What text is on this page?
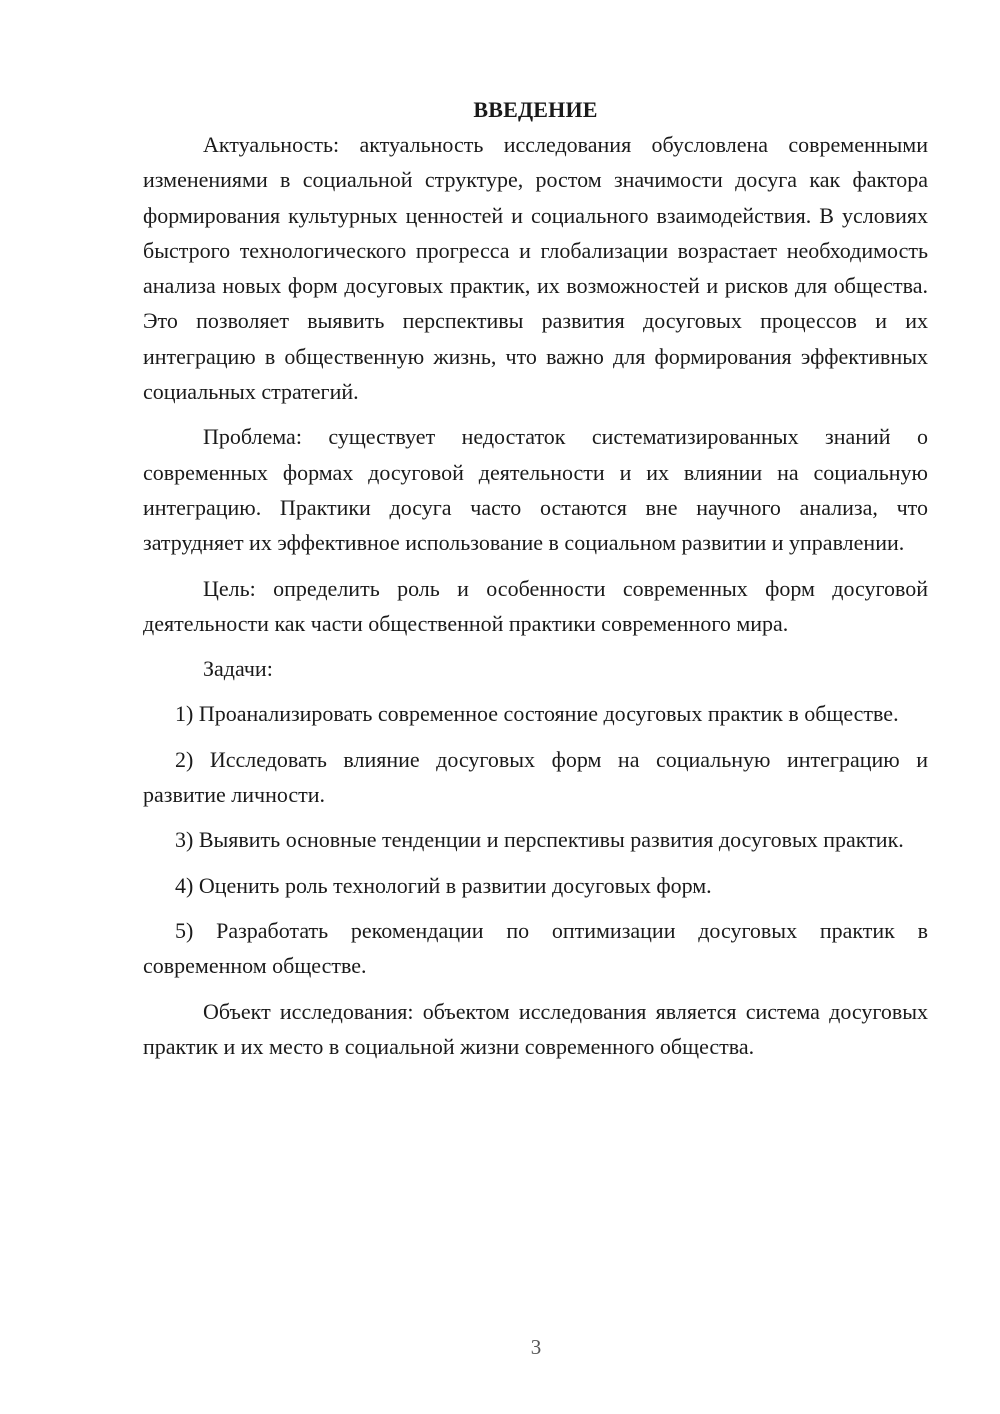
ВВЕДЕНИЕ

Актуальность: актуальность исследования обусловлена современными изменениями в социальной структуре, ростом значимости досуга как фактора формирования культурных ценностей и социального взаимодействия. В условиях быстрого технологического прогресса и глобализации возрастает необходимость анализа новых форм досуговых практик, их возможностей и рисков для общества. Это позволяет выявить перспективы развития досуговых процессов и их интеграцию в общественную жизнь, что важно для формирования эффективных социальных стратегий.

Проблема: существует недостаток систематизированных знаний о современных формах досуговой деятельности и их влиянии на социальную интеграцию. Практики досуга часто остаются вне научного анализа, что затрудняет их эффективное использование в социальном развитии и управлении.

Цель: определить роль и особенности современных форм досуговой деятельности как части общественной практики современного мира.

Задачи:

1) Проанализировать современное состояние досуговых практик в обществе.

2) Исследовать влияние досуговых форм на социальную интеграцию и развитие личности.

3) Выявить основные тенденции и перспективы развития досуговых практик.

4) Оценить роль технологий в развитии досуговых форм.

5) Разработать рекомендации по оптимизации досуговых практик в современном обществе.

Объект исследования: объектом исследования является система досуговых практик и их место в социальной жизни современного общества.

3
